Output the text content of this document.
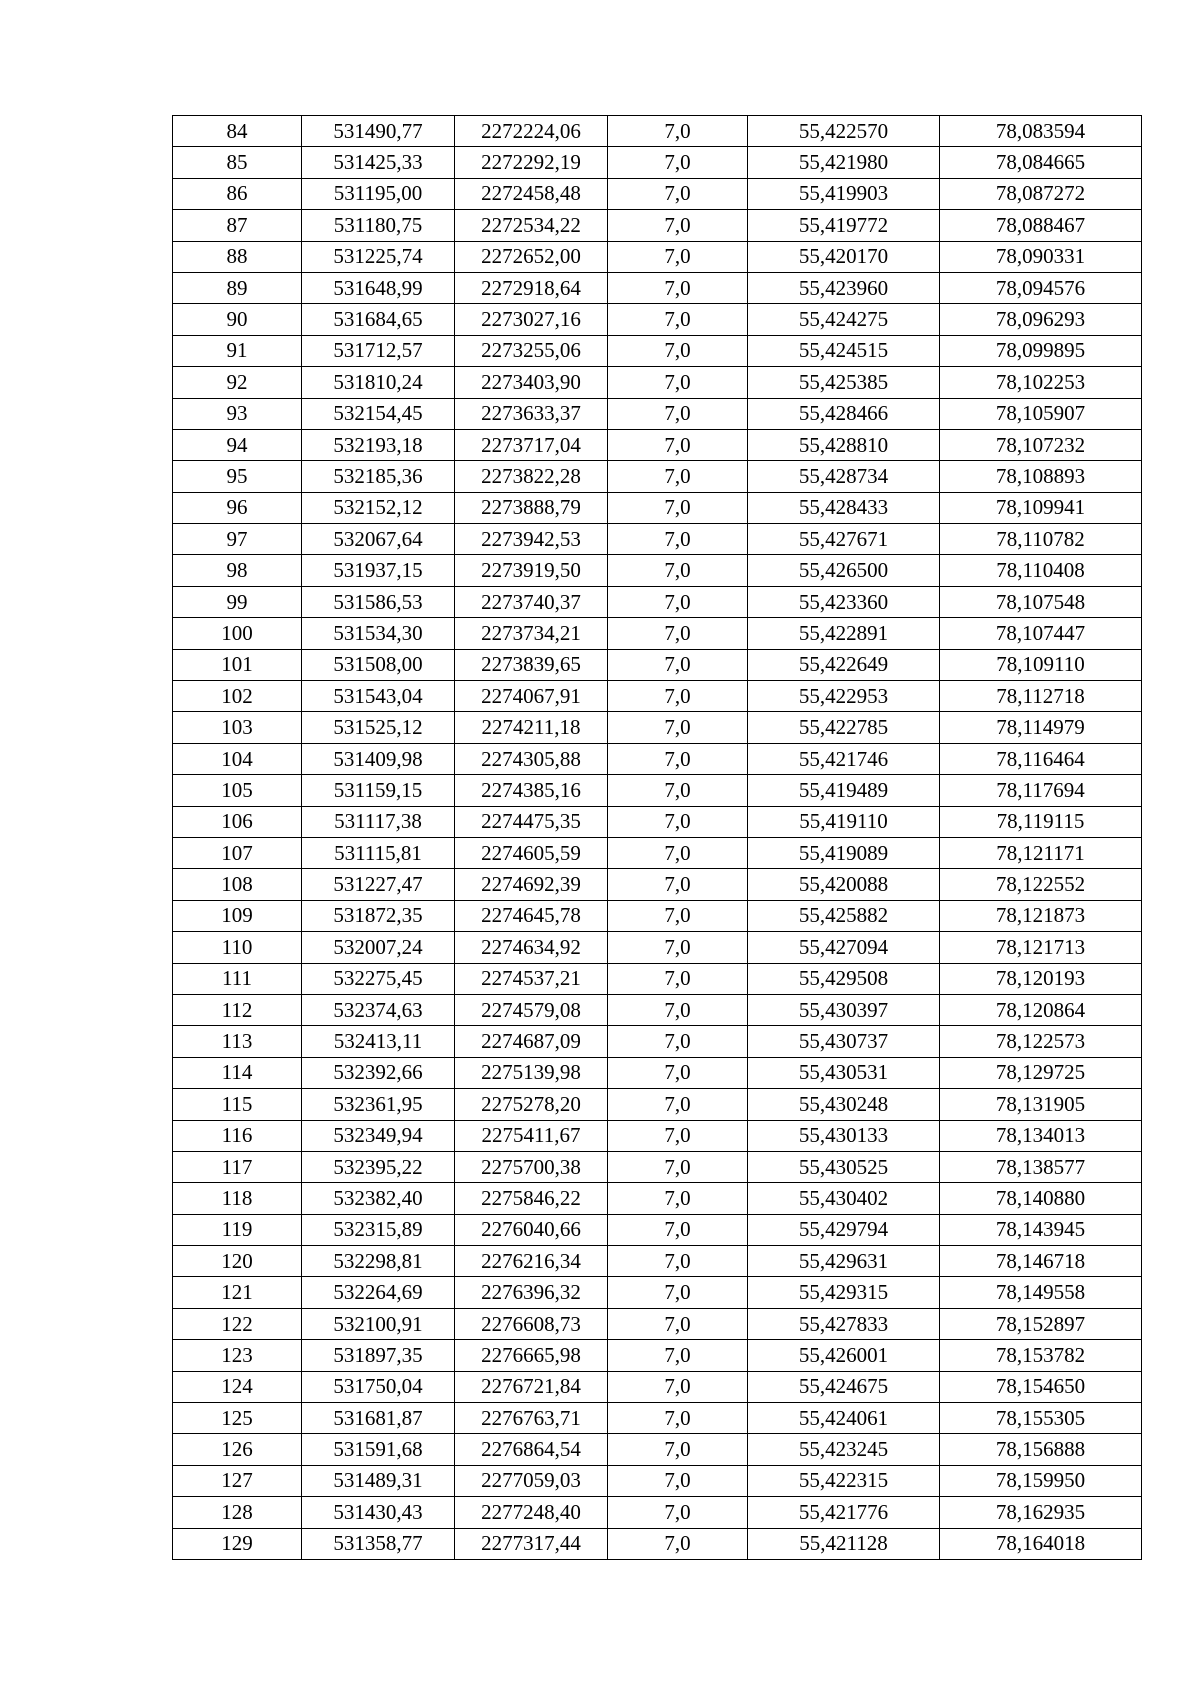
84	531490,77	2272224,06	7,0	55,422570	78,083594
85	531425,33	2272292,19	7,0	55,421980	78,084665
86	531195,00	2272458,48	7,0	55,419903	78,087272
87	531180,75	2272534,22	7,0	55,419772	78,088467
88	531225,74	2272652,00	7,0	55,420170	78,090331
89	531648,99	2272918,64	7,0	55,423960	78,094576
90	531684,65	2273027,16	7,0	55,424275	78,096293
91	531712,57	2273255,06	7,0	55,424515	78,099895
92	531810,24	2273403,90	7,0	55,425385	78,102253
93	532154,45	2273633,37	7,0	55,428466	78,105907
94	532193,18	2273717,04	7,0	55,428810	78,107232
95	532185,36	2273822,28	7,0	55,428734	78,108893
96	532152,12	2273888,79	7,0	55,428433	78,109941
97	532067,64	2273942,53	7,0	55,427671	78,110782
98	531937,15	2273919,50	7,0	55,426500	78,110408
99	531586,53	2273740,37	7,0	55,423360	78,107548
100	531534,30	2273734,21	7,0	55,422891	78,107447
101	531508,00	2273839,65	7,0	55,422649	78,109110
102	531543,04	2274067,91	7,0	55,422953	78,112718
103	531525,12	2274211,18	7,0	55,422785	78,114979
104	531409,98	2274305,88	7,0	55,421746	78,116464
105	531159,15	2274385,16	7,0	55,419489	78,117694
106	531117,38	2274475,35	7,0	55,419110	78,119115
107	531115,81	2274605,59	7,0	55,419089	78,121171
108	531227,47	2274692,39	7,0	55,420088	78,122552
109	531872,35	2274645,78	7,0	55,425882	78,121873
110	532007,24	2274634,92	7,0	55,427094	78,121713
111	532275,45	2274537,21	7,0	55,429508	78,120193
112	532374,63	2274579,08	7,0	55,430397	78,120864
113	532413,11	2274687,09	7,0	55,430737	78,122573
114	532392,66	2275139,98	7,0	55,430531	78,129725
115	532361,95	2275278,20	7,0	55,430248	78,131905
116	532349,94	2275411,67	7,0	55,430133	78,134013
117	532395,22	2275700,38	7,0	55,430525	78,138577
118	532382,40	2275846,22	7,0	55,430402	78,140880
119	532315,89	2276040,66	7,0	55,429794	78,143945
120	532298,81	2276216,34	7,0	55,429631	78,146718
121	532264,69	2276396,32	7,0	55,429315	78,149558
122	532100,91	2276608,73	7,0	55,427833	78,152897
123	531897,35	2276665,98	7,0	55,426001	78,153782
124	531750,04	2276721,84	7,0	55,424675	78,154650
125	531681,87	2276763,71	7,0	55,424061	78,155305
126	531591,68	2276864,54	7,0	55,423245	78,156888
127	531489,31	2277059,03	7,0	55,422315	78,159950
128	531430,43	2277248,40	7,0	55,421776	78,162935
129	531358,77	2277317,44	7,0	55,421128	78,164018
